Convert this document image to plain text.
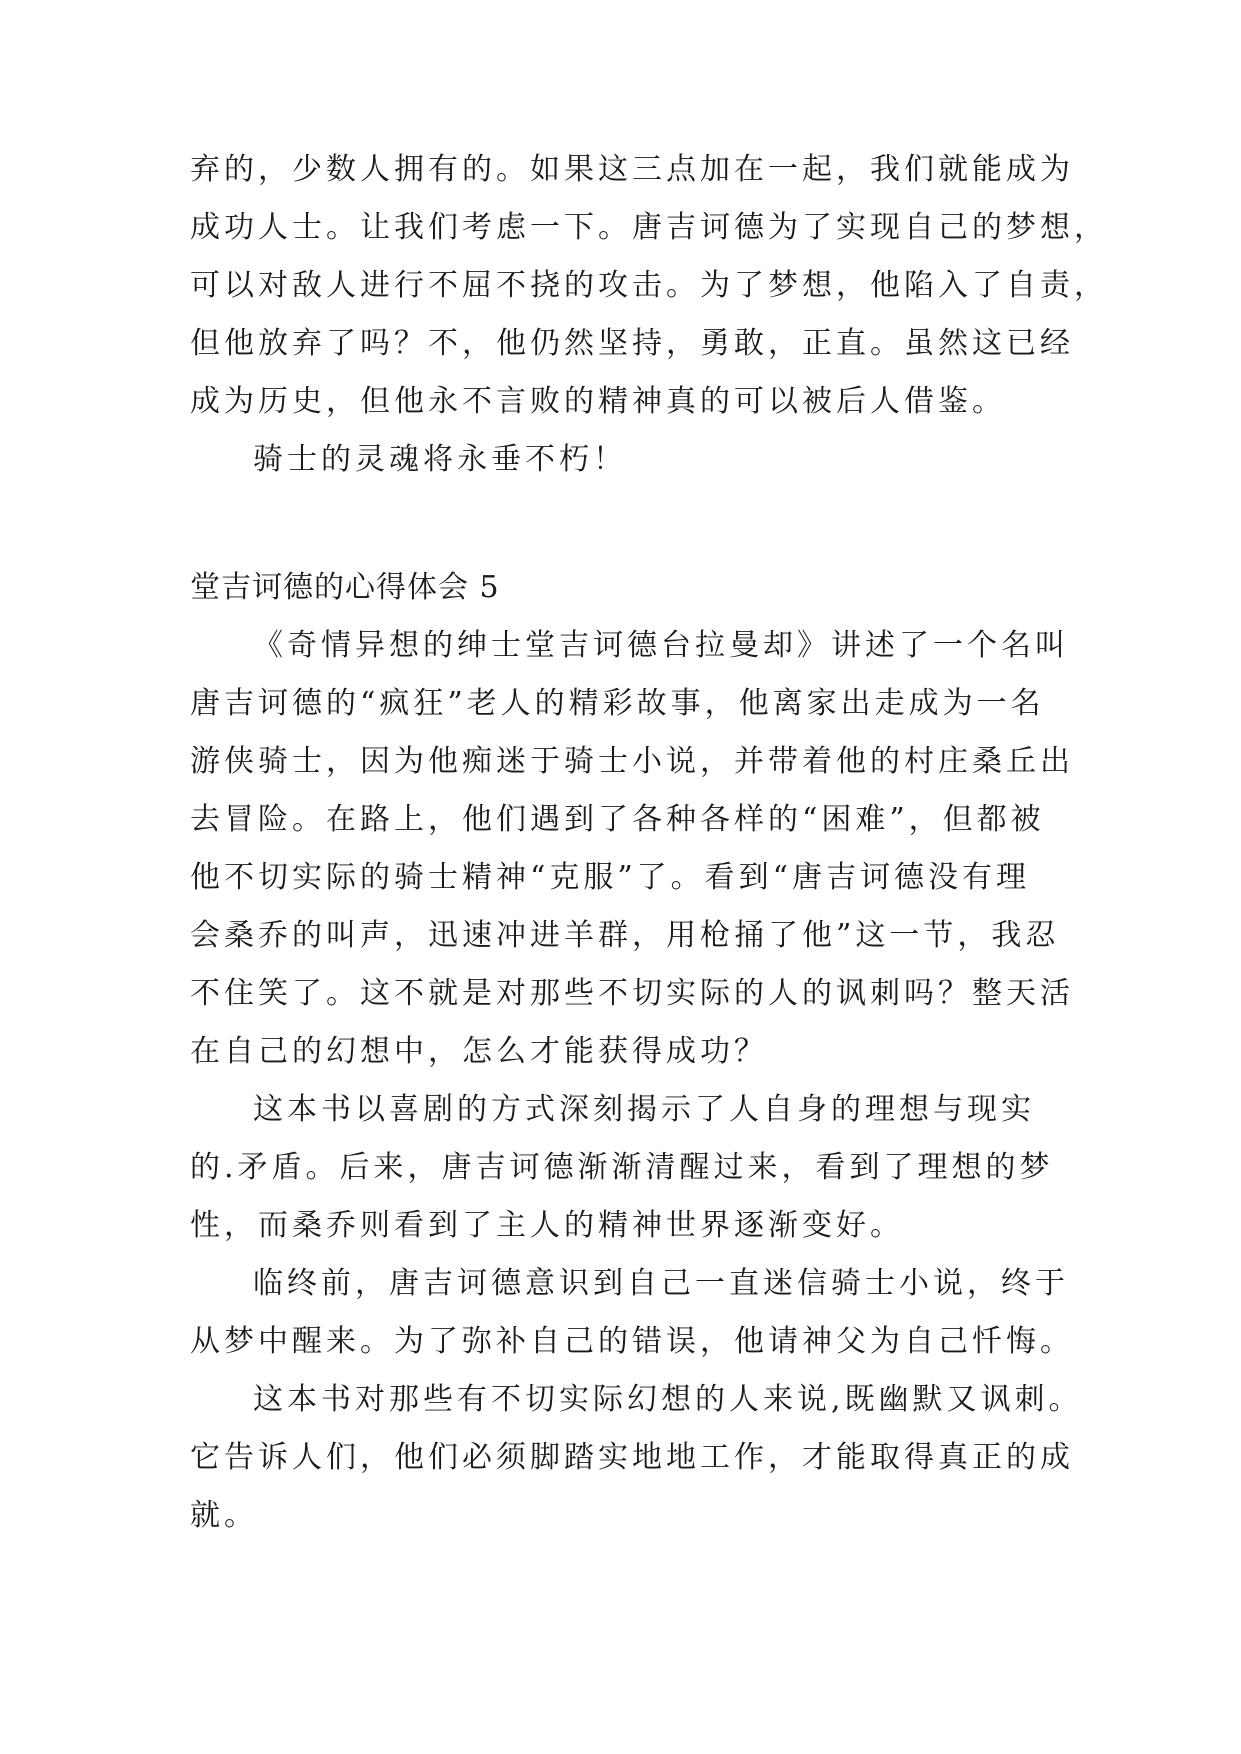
弃的，少数人拥有的。如果这三点加在一起，我们就能成为
成功人士。让我们考虑一下。唐吉诃德为了实现自己的梦想，
可以对敌人进行不屈不挠的攻击。为了梦想，他陷入了自责，
但他放弃了吗？不，他仍然坚持，勇敢，正直。虽然这已经
成为历史，但他永不言败的精神真的可以被后人借鉴。
骑士的灵魂将永垂不朽！
堂吉诃德的心得体会 5
《奇情异想的绅士堂吉诃德台拉曼却》讲述了一个名叫
唐吉诃德的“疯狂”老人的精彩故事，他离家出走成为一名
游侠骑士，因为他痴迷于骑士小说，并带着他的村庄桑丘出
去冒险。在路上，他们遇到了各种各样的“困难”，但都被
他不切实际的骑士精神“克服”了。看到“唐吉诃德没有理
会桑乔的叫声，迅速冲进羊群，用枪捅了他”这一节，我忍
不住笑了。这不就是对那些不切实际的人的讽刺吗？整天活
在自己的幻想中，怎么才能获得成功？
这本书以喜剧的方式深刻揭示了人自身的理想与现实
的.矛盾。后来，唐吉诃德渐渐清醒过来，看到了理想的梦
性，而桑乔则看到了主人的精神世界逐渐变好。
临终前，唐吉诃德意识到自己一直迷信骑士小说，终于
从梦中醒来。为了弥补自己的错误，他请神父为自己忏悔。
这本书对那些有不切实际幻想的人来说,既幽默又讽刺。
它告诉人们，他们必须脚踏实地地工作，才能取得真正的成
就。
